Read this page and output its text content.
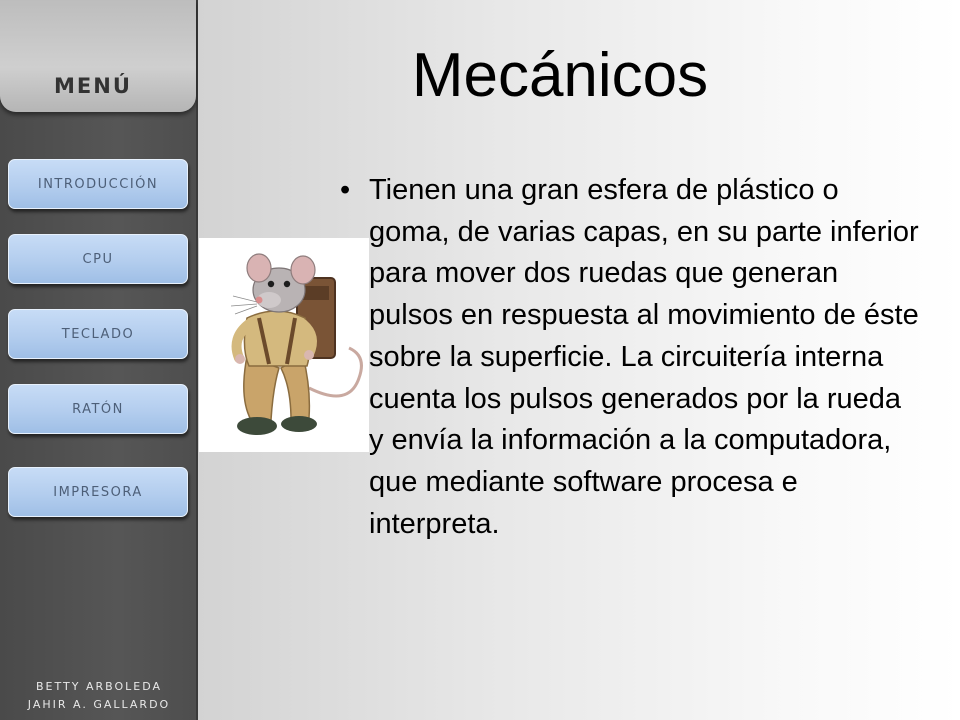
MENÚ
INTRODUCCIÓN
CPU
TECLADO
RATÓN
IMPRESORA
BETTY ARBOLEDA
JAHIR A. GALLARDO
Mecánicos
• Tienen una gran esfera de plástico o goma, de varias capas, en su parte inferior para mover dos ruedas que generan pulsos en respuesta al movimiento de éste sobre la superficie. La circuitería interna cuenta los pulsos generados por la rueda y envía la información a la computadora, que mediante software procesa e interpreta.
